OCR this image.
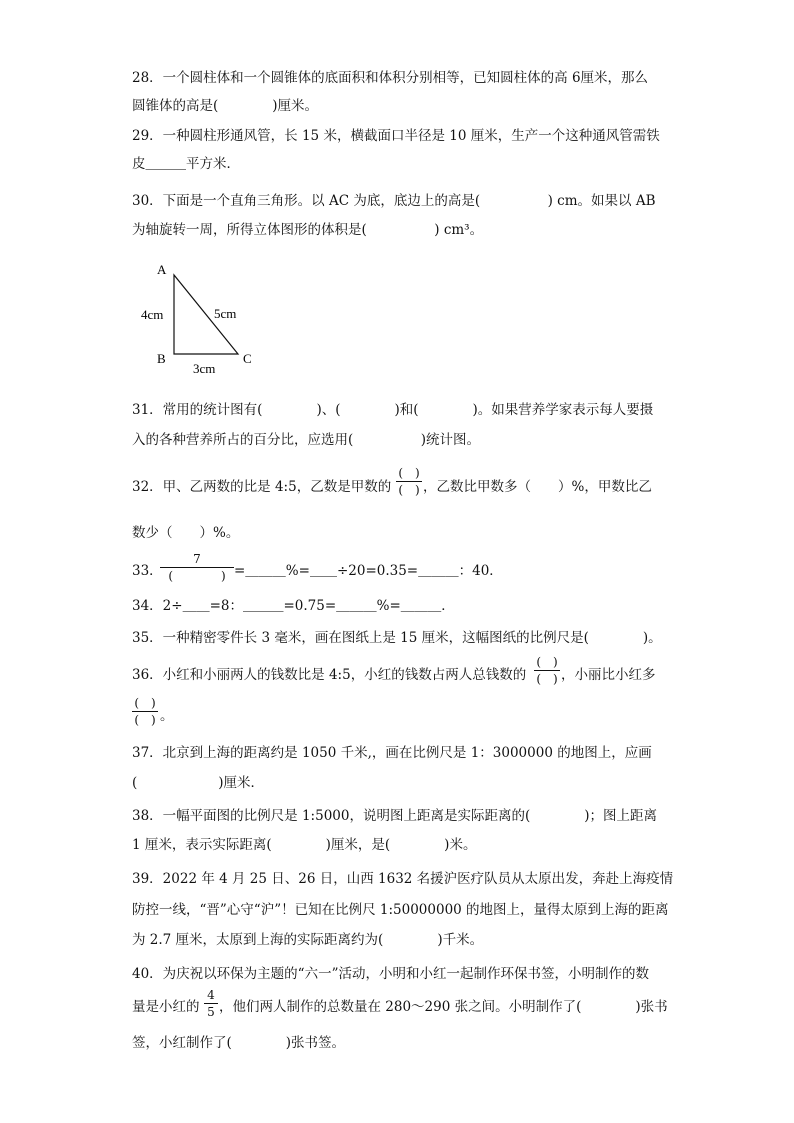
28．一个圆柱体和一个圆锥体的底面积和体积分别相等，已知圆柱体的高 6厘米，那么
圆锥体的高是(　　　　)厘米。
29．一种圆柱形通风管，长 15 米，横截面口半径是 10 厘米，生产一个这种通风管需铁
皮＿＿＿平方米．
30．下面是一个直角三角形。以 AC 为底，底边上的高是(　　　　　) cm。如果以 AB
为轴旋转一周，所得立体图形的体积是(　　　　　) cm³。
A
B	C
4cm
3cm
5cm
31．常用的统计图有(　　　　)、(　　　　)和(　　　　)。如果营养学家表示每人要摄
入的各种营养所占的百分比，应选用(　　　　　)统计图。
32．甲、乙两数的比是 4:5，乙数是甲数的
(　)
(　) ，乙数比甲数多（　　）%，甲数比乙
数少（　　）%。
33．
7
(　　　　) =＿＿＿%=＿＿÷20=0.35=＿＿＿：40．
34．2÷＿＿=8：＿＿＿=0.75=＿＿＿%=＿＿＿．
35．一种精密零件长 3 毫米，画在图纸上是 15 厘米，这幅图纸的比例尺是(　　　　)。
36．小红和小丽两人的钱数比是 4:5，小红的钱数占两人总钱数的
(　)
(　) ，小丽比小红多
(　)
(　) 。
37．北京到上海的距离约是 1050 千米,，画在比例尺是 1：3000000 的地图上，应画
(　　　　　　)厘米．
38．一幅平面图的比例尺是 1:5000，说明图上距离是实际距离的(　　　　)；图上距离
1 厘米，表示实际距离(　　　　)厘米，是(　　　　)米。
39．2022 年 4 月 25 日、26 日，山西 1632 名援沪医疗队员从太原出发，奔赴上海疫情
防控一线，“晋”心守“沪”！已知在比例尺 1:50000000 的地图上，量得太原到上海的距离
为 2.7 厘米，太原到上海的实际距离约为(　　　　)千米。
40．为庆祝以环保为主题的“六一”活动，小明和小红一起制作环保书签，小明制作的数
量是小红的
4
5 ，他们两人制作的总数量在 280～290 张之间。小明制作了(　　　　)张书
签，小红制作了(　　　　)张书签。
